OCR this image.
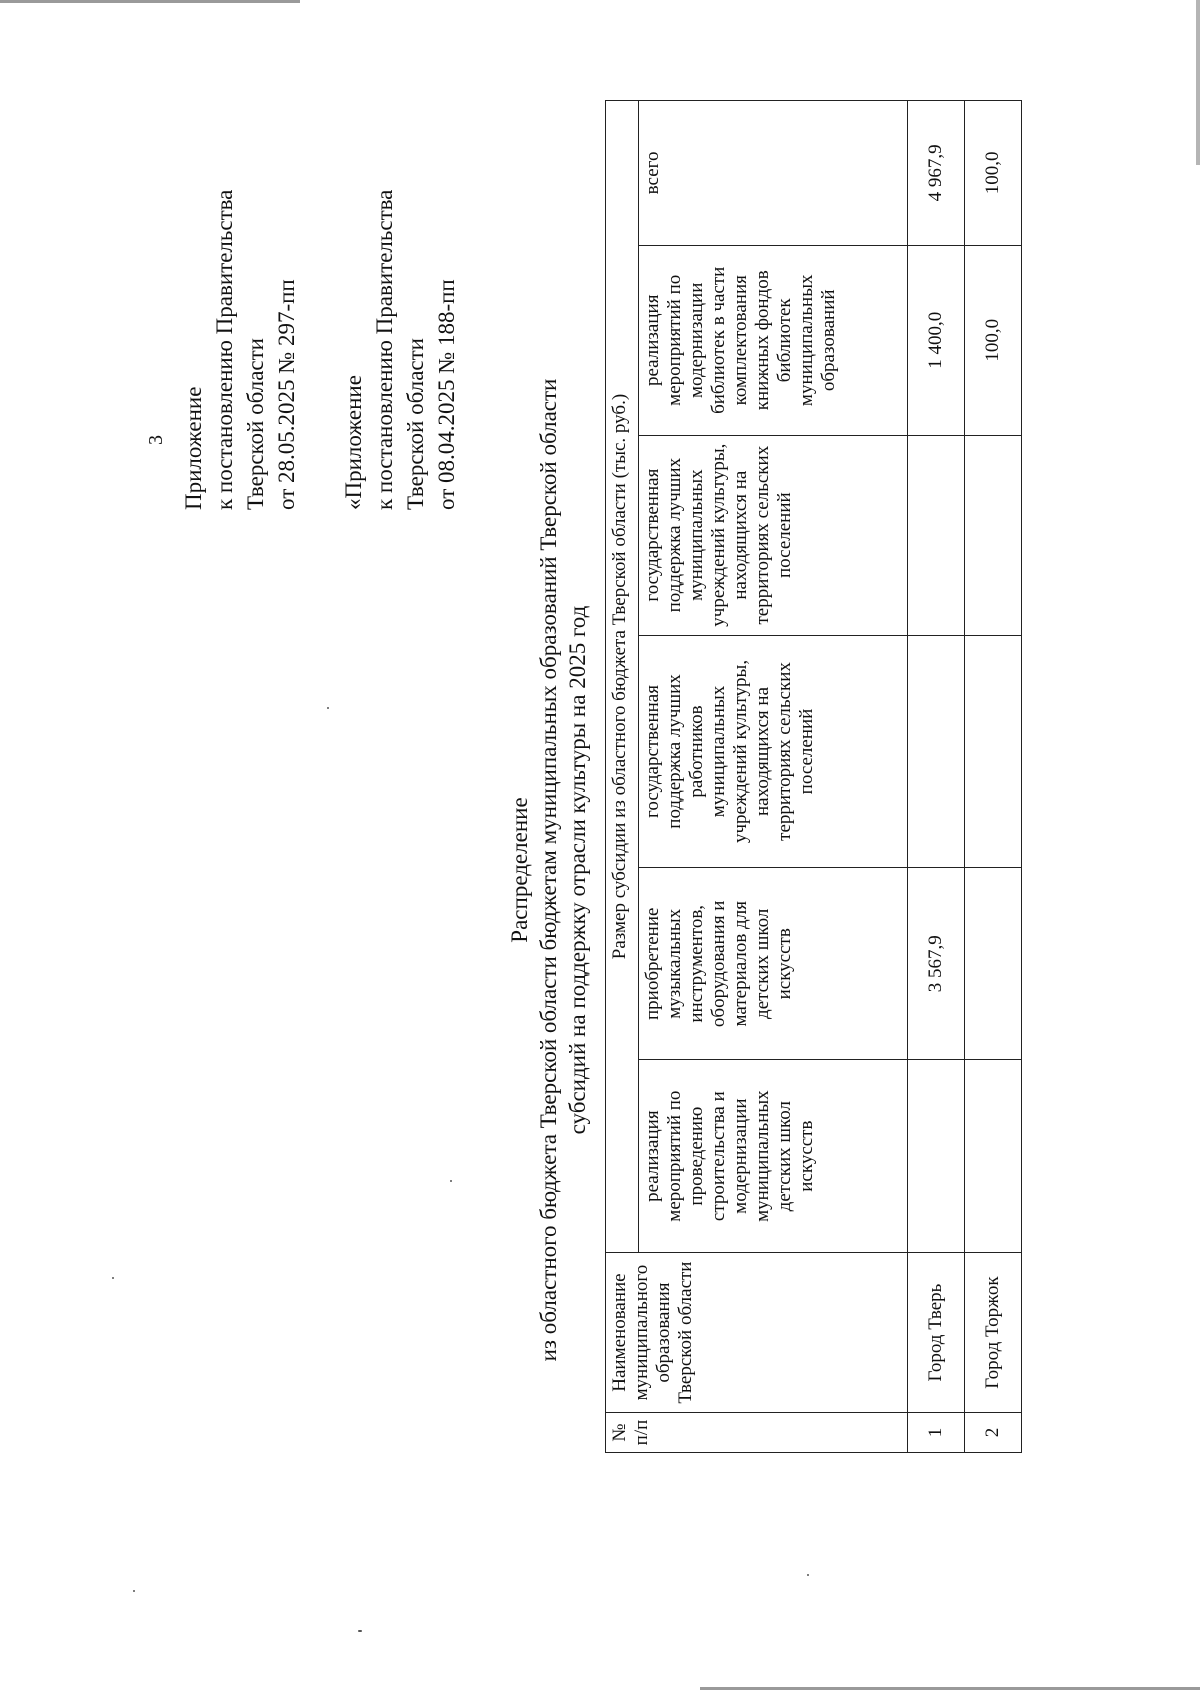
3 Приложение к постановлению Правительства Тверской области от 28.05.2025 № 297-пп «Приложение к постановлению Правительства Тверской области от 08.04.2025 № 188-пп
Распределение из областного бюджета Тверской области бюджетам муниципальных образований Тверской области субсидий на поддержку отрасли культуры на 2025 год
№ п/п	Наименование муниципального образования Тверской области	Размер субсидии из областного бюджета Тверской области (тыс. руб.)					
		реализация мероприятий по проведению строительства и модернизации муниципальных детских школ искусств	приобретение музыкальных инструментов, оборудования и материалов для детских школ искусств	государственная поддержка лучших работников муниципальных учреждений культуры, находящихся на территориях сельских поселений	государственная поддержка лучших муниципальных учреждений культуры, находящихся на территориях сельских поселений	реализация мероприятий по модернизации библиотек в части комплектования книжных фондов библиотек муниципальных образований	всего
1	Город Тверь		3 567,9			1 400,0	4 967,9
2	Город Торжок					100,0	100,0
